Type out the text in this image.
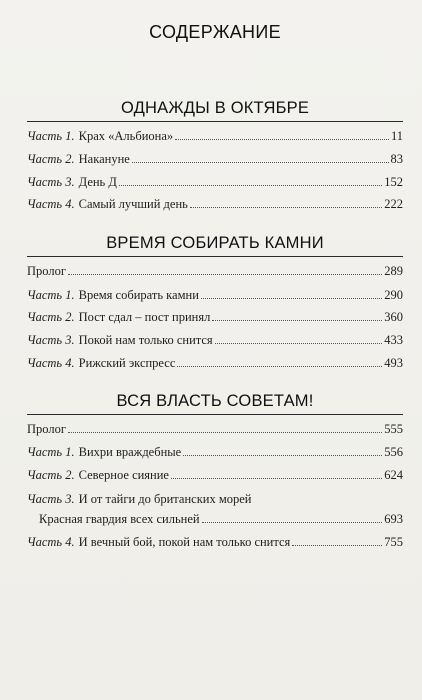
СОДЕРЖАНИЕ
ОДНАЖДЫ В ОКТЯБРЕ
Часть 1. Крах «Альбиона»	11
Часть 2. Накануне	83
Часть 3. День Д	152
Часть 4. Самый лучший день	222
ВРЕМЯ СОБИРАТЬ КАМНИ
Пролог	289
Часть 1. Время собирать камни	290
Часть 2. Пост сдал – пост принял	360
Часть 3. Покой нам только снится	433
Часть 4. Рижский экспресс	493
ВСЯ ВЛАСТЬ СОВЕТАМ!
Пролог	555
Часть 1. Вихри враждебные	556
Часть 2. Северное сияние	624
Часть 3. И от тайги до британских морей
Красная гвардия всех сильней	693
Часть 4. И вечный бой, покой нам только снится	755
